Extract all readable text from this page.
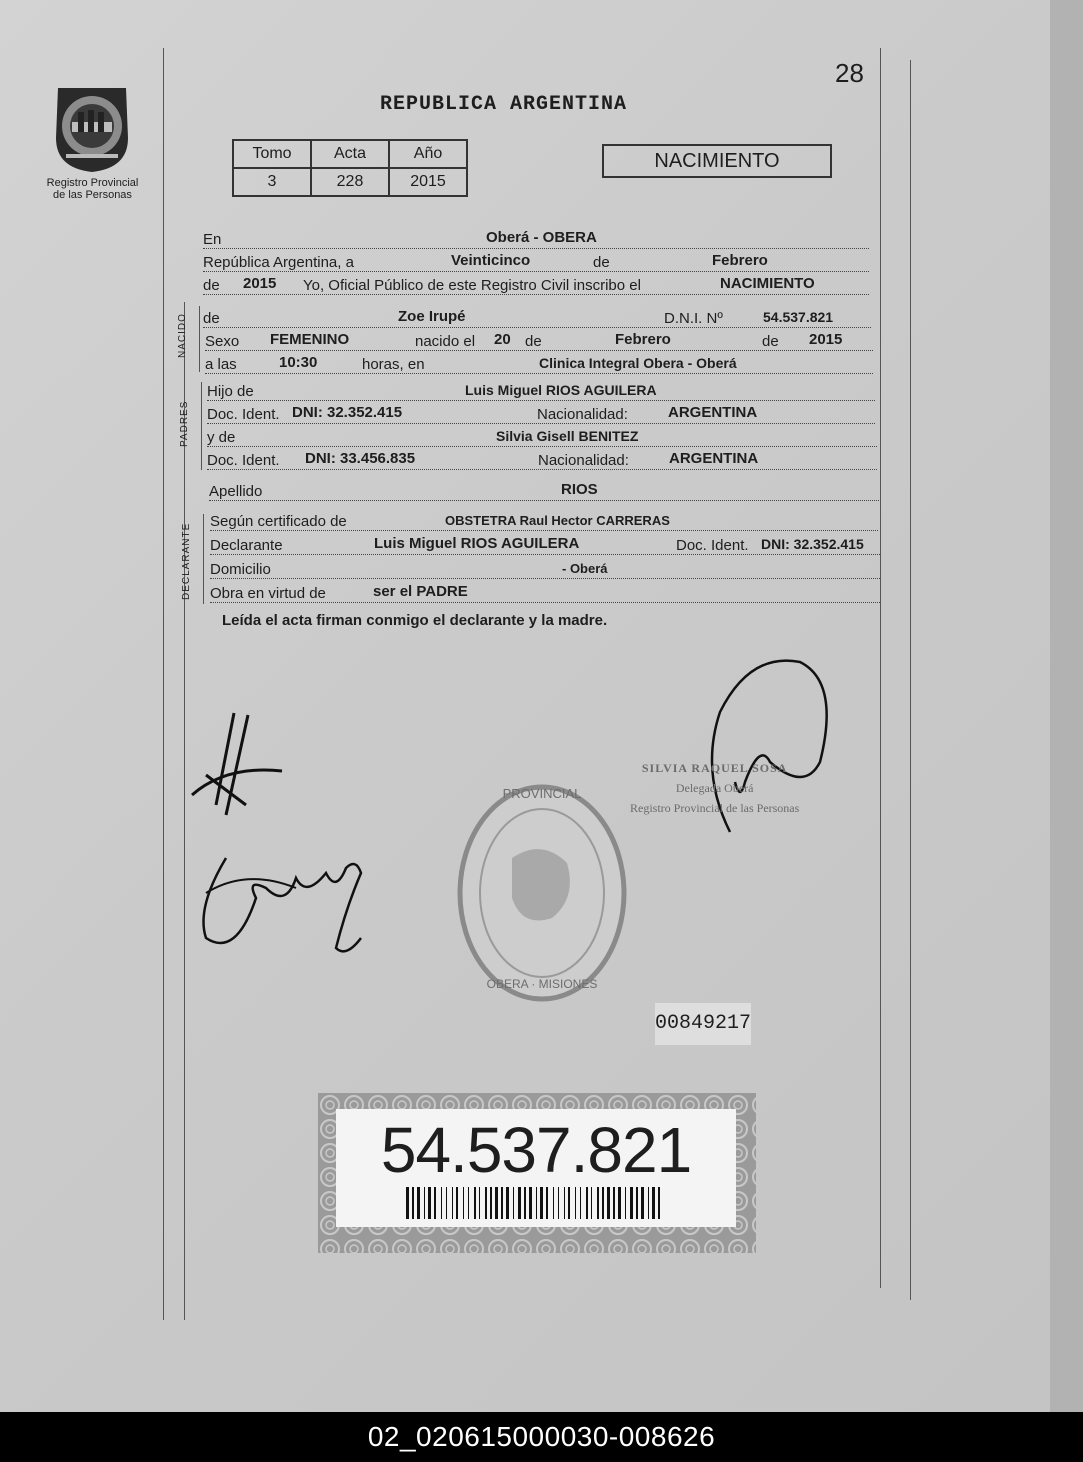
28
Registro Provincial
de las Personas
REPUBLICA ARGENTINA
Tomo	Acta	Año
3	228	2015
NACIMIENTO
En	Oberá - OBERA
República Argentina, a	Veinticinco	de	Febrero
de 2015 Yo, Oficial Público de este Registro Civil inscribo el	NACIMIENTO
NACIDO de	Zoe Irupé	D.N.I. Nº	54.537.821
Sexo FEMENINO	nacido el 20 de	Febrero	de 2015
a las	10:30	horas, en	Clinica Integral Obera - Oberá
PADRES
Hijo de	Luis Miguel RIOS AGUILERA
Doc. Ident. DNI: 32.352.415	Nacionalidad:	ARGENTINA
y de	Silvia Gisell BENITEZ
Doc. Ident. DNI: 33.456.835	Nacionalidad:	ARGENTINA
Apellido	RIOS
DECLARANTE
Según certificado de	OBSTETRA Raul Hector CARRERAS
Declarante	Luis Miguel RIOS AGUILERA	Doc. Ident. DNI: 32.352.415
Domicilio	- Oberá
Obra en virtud de	ser el PADRE
Leída el acta firman conmigo el declarante y la madre.
SILVIA RAQUEL SOSA
Delegada Oberá
Registro Provincial de las Personas
PROVINCIAL
OBERA · MISIONES
00849217
54.537.821
02_020615000030-008626
